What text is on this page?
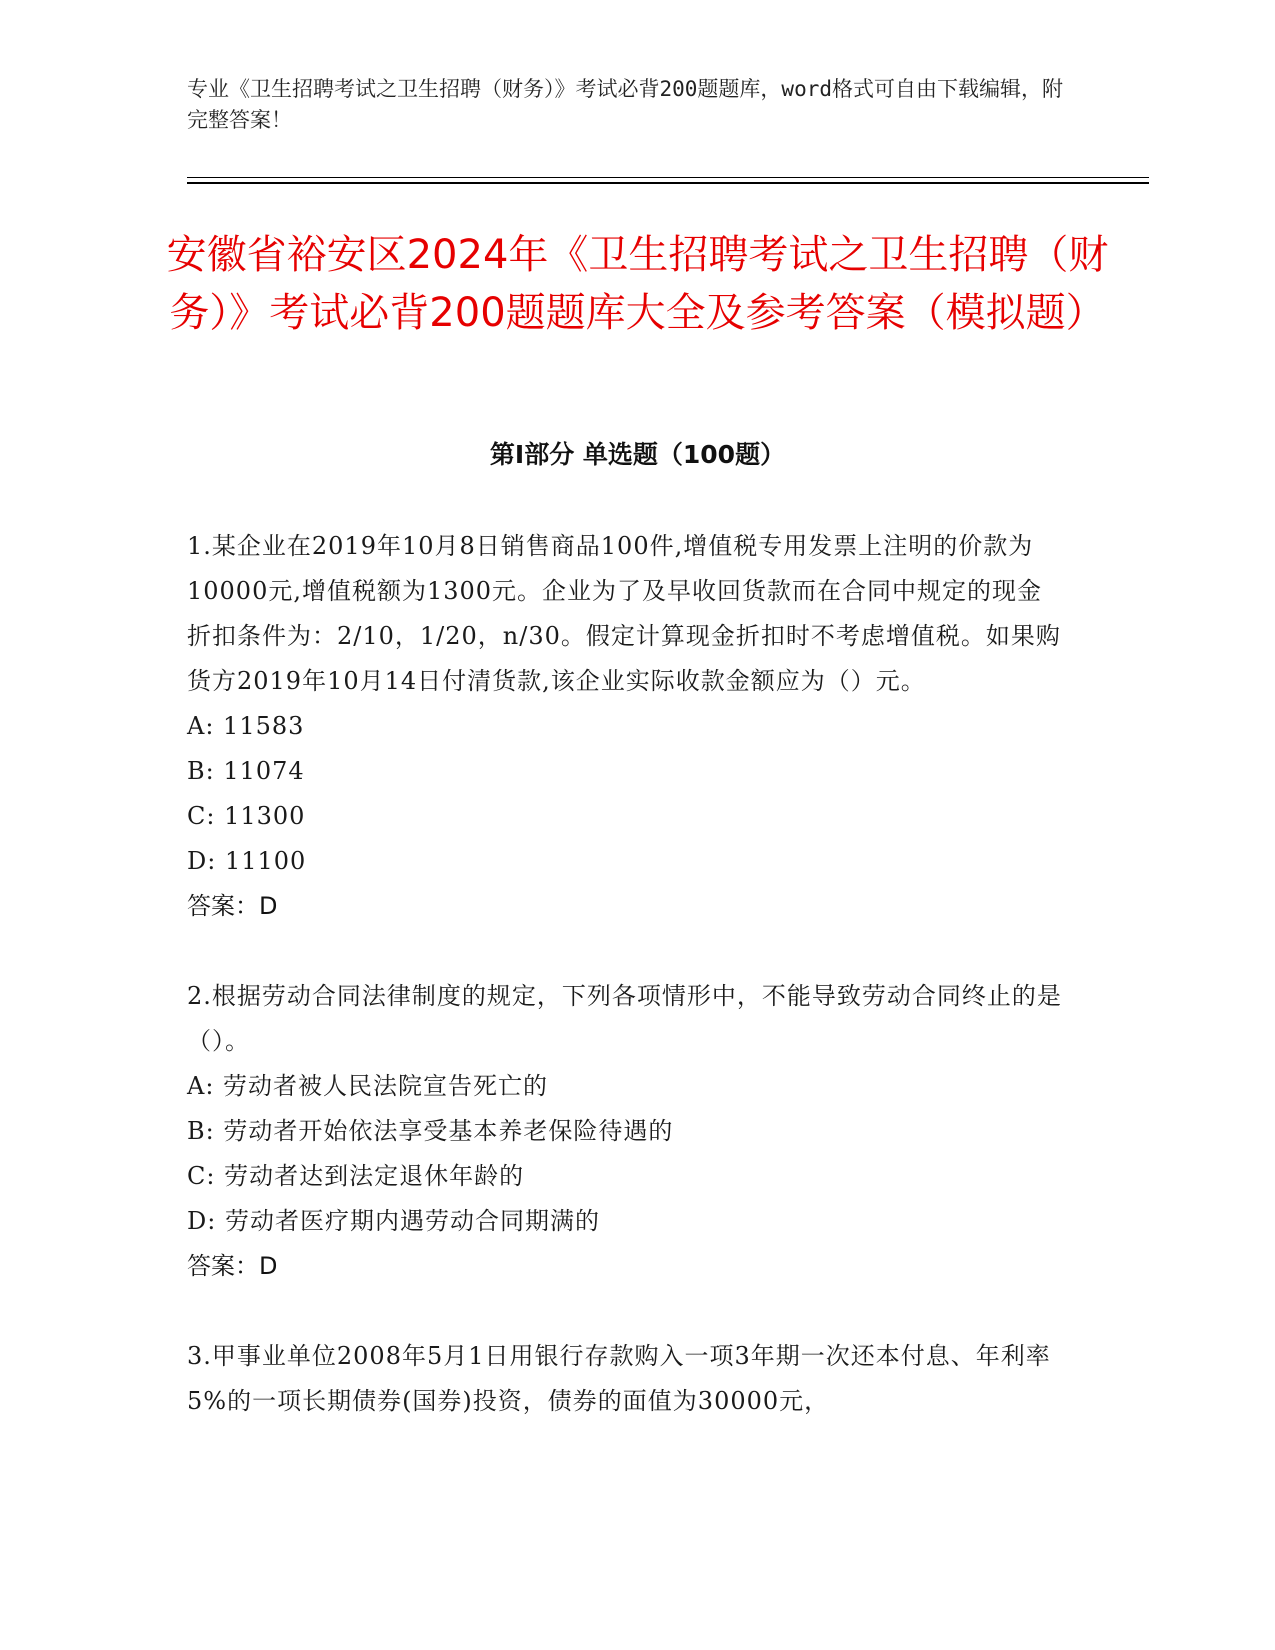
专业《卫生招聘考试之卫生招聘（财务）》考试必背200题题库，word格式可自由下载编辑，附完整答案！
安徽省裕安区2024年《卫生招聘考试之卫生招聘（财务）》考试必背200题题库大全及参考答案（模拟题）
第Ⅰ部分 单选题（100题）
1.某企业在2019年10月8日销售商品100件,增值税专用发票上注明的价款为10000元,增值税额为1300元。企业为了及早收回货款而在合同中规定的现金折扣条件为：2/10，1/20，n/30。假定计算现金折扣时不考虑增值税。如果购货方2019年10月14日付清货款,该企业实际收款金额应为（）元。
A: 11583
B: 11074
C: 11300
D: 11100
答案：D
2.根据劳动合同法律制度的规定，下列各项情形中，不能导致劳动合同终止的是（）。
A: 劳动者被人民法院宣告死亡的
B: 劳动者开始依法享受基本养老保险待遇的
C: 劳动者达到法定退休年龄的
D: 劳动者医疗期内遇劳动合同期满的
答案：D
3.甲事业单位2008年5月1日用银行存款购入一项3年期一次还本付息、年利率5%的一项长期债券(国券)投资，债券的面值为30000元，
